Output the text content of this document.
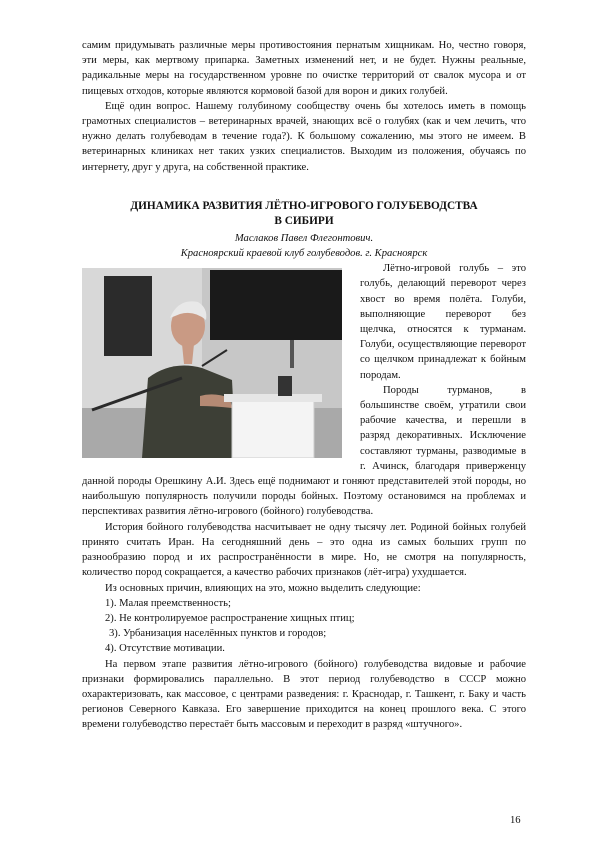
самим придумывать различные меры противостояния пернатым хищникам. Но, честно говоря, эти меры, как мертвому припарка. Заметных изменений нет, и не будет. Нужны реальные, радикальные меры на государственном уровне по очистке территорий от свалок мусора и от пищевых отходов, которые являются кормовой базой для ворон и диких голубей.

Ещё один вопрос. Нашему голубиному сообществу очень бы хотелось иметь в помощь грамотных специалистов – ветеринарных врачей, знающих всё о голубях (как и чем лечить, что нужно делать голубеводам в течение года?). К большому сожалению, мы этого не имеем. В ветеринарных клиниках нет таких узких специалистов. Выходим из положения, обучаясь по интернету, друг у друга, на собственной практике.

ДИНАМИКА РАЗВИТИЯ ЛЁТНО-ИГРОВОГО ГОЛУБЕВОДСТВА
В СИБИРИ
Маслаков Павел Флегонтович.
Красноярский краевой клуб голубеводов. г. Красноярск

Лётно-игровой голубь – это голубь, делающий переворот через хвост во время полёта. Голуби, выполняющие переворот без щелчка, относятся к турманам. Голуби, осуществляющие переворот со щелчком принадлежат к бойным породам.

Породы турманов, в большинстве своём, утратили свои рабочие качества, и перешли в разряд декоративных. Исключение составляют турманы, разводимые в г. Ачинск, благодаря приверженцу данной породы Орешкину А.И. Здесь ещё поднимают и гоняют представителей этой породы, но наибольшую популярность получили породы бойных. Поэтому остановимся на проблемах и перспективах развития лётно-игрового (бойного) голубеводства.

История бойного голубеводства насчитывает не одну тысячу лет. Родиной бойных голубей принято считать Иран. На сегодняшний день – это одна из самых больших групп по разнообразию пород и их распространённости в мире. Но, не смотря на популярность, количество пород сокращается, а качество рабочих признаков (лёт-игра) ухудшается.

Из основных причин, влияющих на это, можно выделить следующие:

1). Малая преемственность;

2). Не контролируемое распространение хищных птиц;

3). Урбанизация населённых пунктов и городов;

4). Отсутствие мотивации.

На первом этапе развития лётно-игрового (бойного) голубеводства видовые и рабочие признаки формировались параллельно. В этот период голубеводство в СССР можно охарактеризовать, как массовое, с центрами разведения: г. Краснодар, г. Ташкент, г. Баку и часть регионов Северного Кавказа. Его завершение приходится на конец прошлого века. С этого времени голубеводство перестаёт быть массовым и переходит в разряд «штучного».

16
